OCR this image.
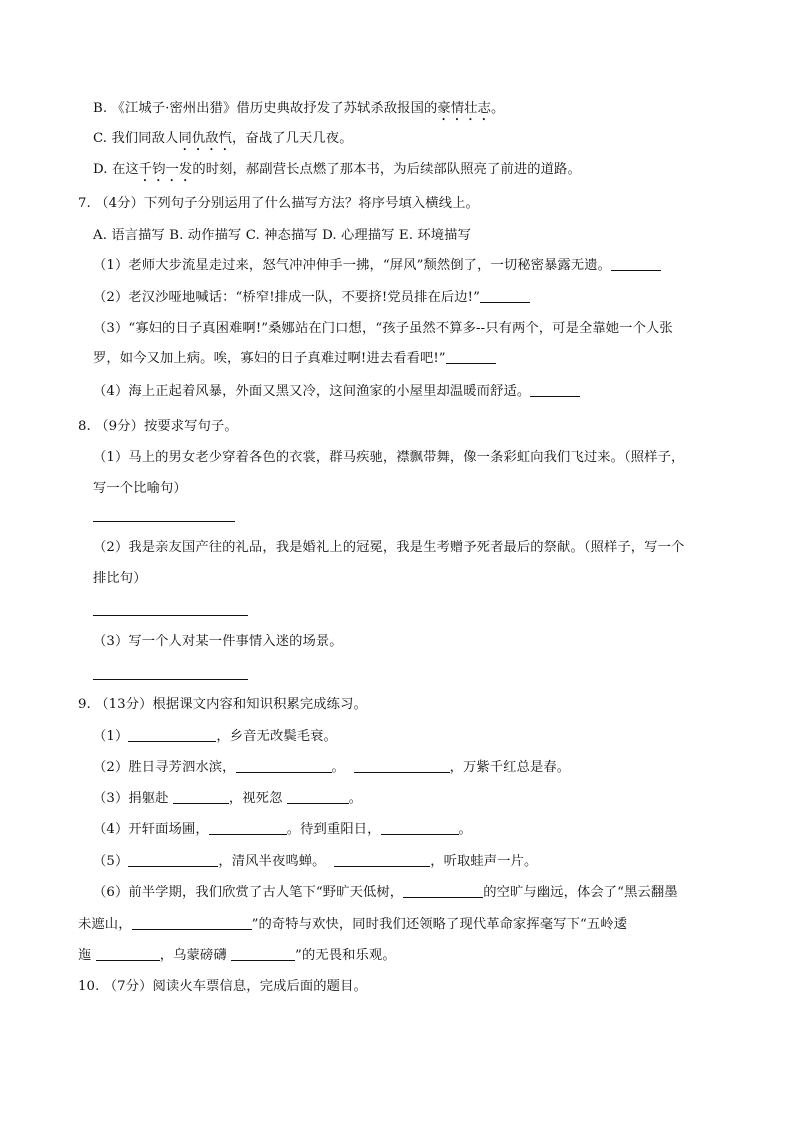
B. 《江城子·密州出猎》借历史典故抒发了苏轼杀敌报国的豪情壮志。
C. 我们同敌人同仇敌忾，奋战了几天几夜。
D. 在这千钧一发的时刻，郝副营长点燃了那本书，为后续部队照亮了前进的道路。
7. （4分）下列句子分别运用了什么描写方法？将序号填入横线上。
A. 语言描写 B. 动作描写 C. 神态描写 D. 心理描写 E. 环境描写
（1）老师大步流星走过来，怒气冲冲伸手一拂，“屏风”颓然倒了，一切秘密暴露无遗。
（2）老汉沙哑地喊话：“桥窄!排成一队，不要挤!党员排在后边!”
（3）“寡妇的日子真困难啊!”桑娜站在门口想，“孩子虽然不算多--只有两个，可是全靠她一个人张
罗，如今又加上病。唉，寡妇的日子真难过啊!进去看看吧!”
（4）海上正起着风暴，外面又黑又冷，这间渔家的小屋里却温暖而舒适。
8. （9分）按要求写句子。
（1）马上的男女老少穿着各色的衣裳，群马疾驰，襟飘带舞，像一条彩虹向我们飞过来。（照样子，
写一个比喻句）
（2）我是亲友国产往的礼品，我是婚礼上的冠冕，我是生考赠予死者最后的祭献。（照样子，写一个
排比句）
（3）写一个人对某一件事情入迷的场景。
9. （13分）根据课文内容和知识积累完成练习。
（1）	，乡音无改鬓毛衰。
（2）胜日寻芳泗水滨，	。	，万紫千红总是春。
（3）捐躯赴	，视死忽	。
（4）开轩面场圃，	。待到重阳日，	。
（5）	，清风半夜鸣蝉。	，听取蛙声一片。
（6）前半学期，我们欣赏了古人笔下“野旷天低树，	的空旷与幽远，体会了“黑云翻墨
未遮山，	”的奇特与欢快，同时我们还领略了现代革命家挥毫写下“五岭逶
迤	，乌蒙磅礴	”的无畏和乐观。
10. （7分）阅读火车票信息，完成后面的题目。
